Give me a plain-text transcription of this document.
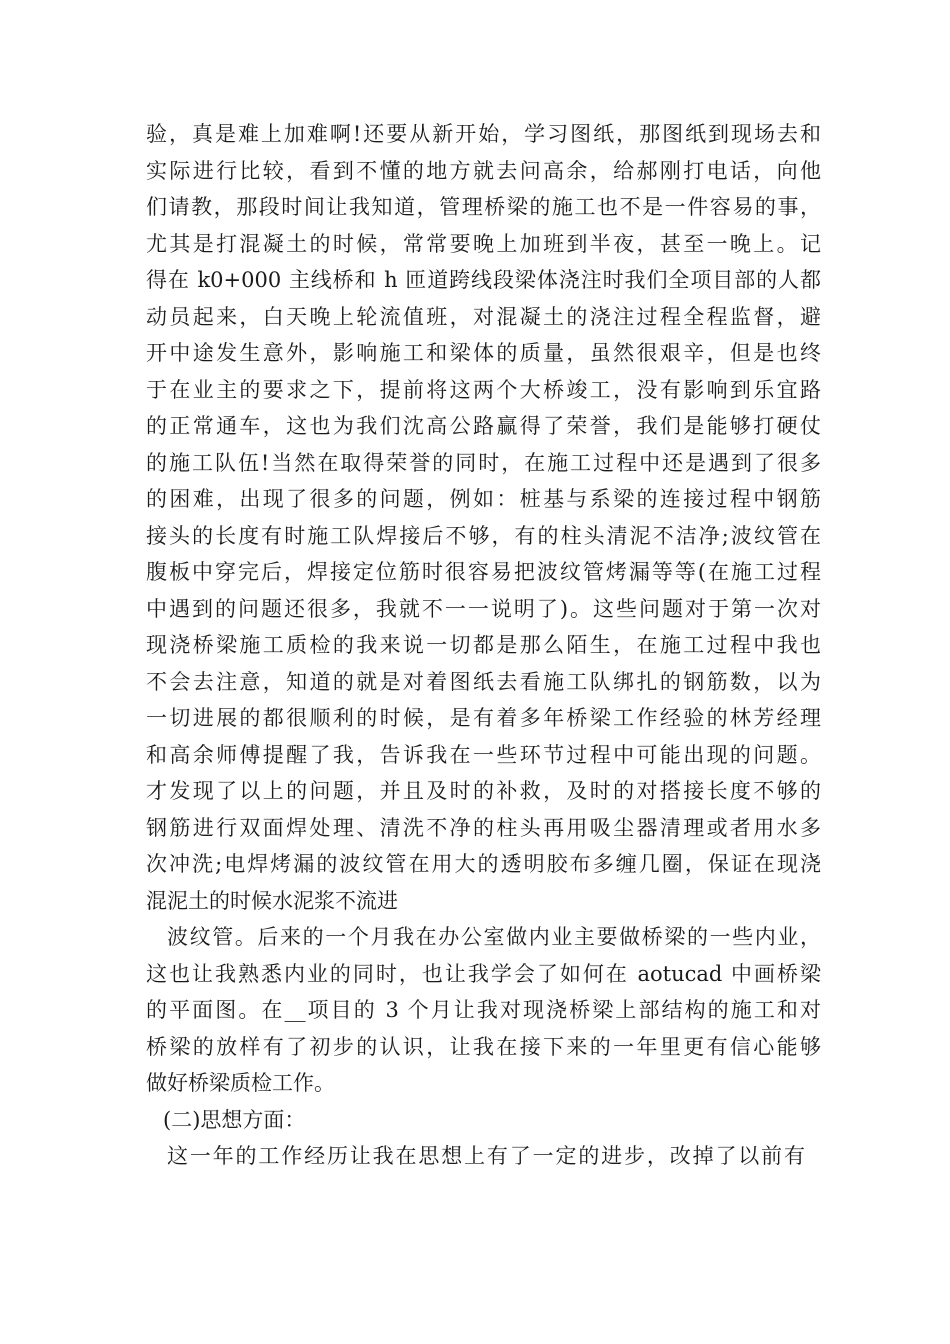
验，真是难上加难啊!还要从新开始，学习图纸，那图纸到现场去和
实际进行比较，看到不懂的地方就去问高余，给郝刚打电话，向他
们请教，那段时间让我知道，管理桥梁的施工也不是一件容易的事，
尤其是打混凝土的时候，常常要晚上加班到半夜，甚至一晚上。记
得在 k0+000 主线桥和 h 匝道跨线段梁体浇注时我们全项目部的人都
动员起来，白天晚上轮流值班，对混凝土的浇注过程全程监督，避
开中途发生意外，影响施工和梁体的质量，虽然很艰辛，但是也终
于在业主的要求之下，提前将这两个大桥竣工，没有影响到乐宜路
的正常通车，这也为我们沈高公路赢得了荣誉，我们是能够打硬仗
的施工队伍!当然在取得荣誉的同时，在施工过程中还是遇到了很多
的困难，出现了很多的问题，例如：桩基与系梁的连接过程中钢筋
接头的长度有时施工队焊接后不够，有的柱头清泥不洁净;波纹管在
腹板中穿完后，焊接定位筋时很容易把波纹管烤漏等等(在施工过程
中遇到的问题还很多，我就不一一说明了)。这些问题对于第一次对
现浇桥梁施工质检的我来说一切都是那么陌生，在施工过程中我也
不会去注意，知道的就是对着图纸去看施工队绑扎的钢筋数，以为
一切进展的都很顺利的时候，是有着多年桥梁工作经验的林芳经理
和高余师傅提醒了我，告诉我在一些环节过程中可能出现的问题。
才发现了以上的问题，并且及时的补救，及时的对搭接长度不够的
钢筋进行双面焊处理、清洗不净的柱头再用吸尘器清理或者用水多
次冲洗;电焊烤漏的波纹管在用大的透明胶布多缠几圈，保证在现浇
混泥土的时候水泥浆不流进
波纹管。后来的一个月我在办公室做内业主要做桥梁的一些内业，
这也让我熟悉内业的同时，也让我学会了如何在 aotucad 中画桥梁
的平面图。在__项目的 3 个月让我对现浇桥梁上部结构的施工和对
桥梁的放样有了初步的认识，让我在接下来的一年里更有信心能够
做好桥梁质检工作。
(二)思想方面：
这一年的工作经历让我在思想上有了一定的进步，改掉了以前有
